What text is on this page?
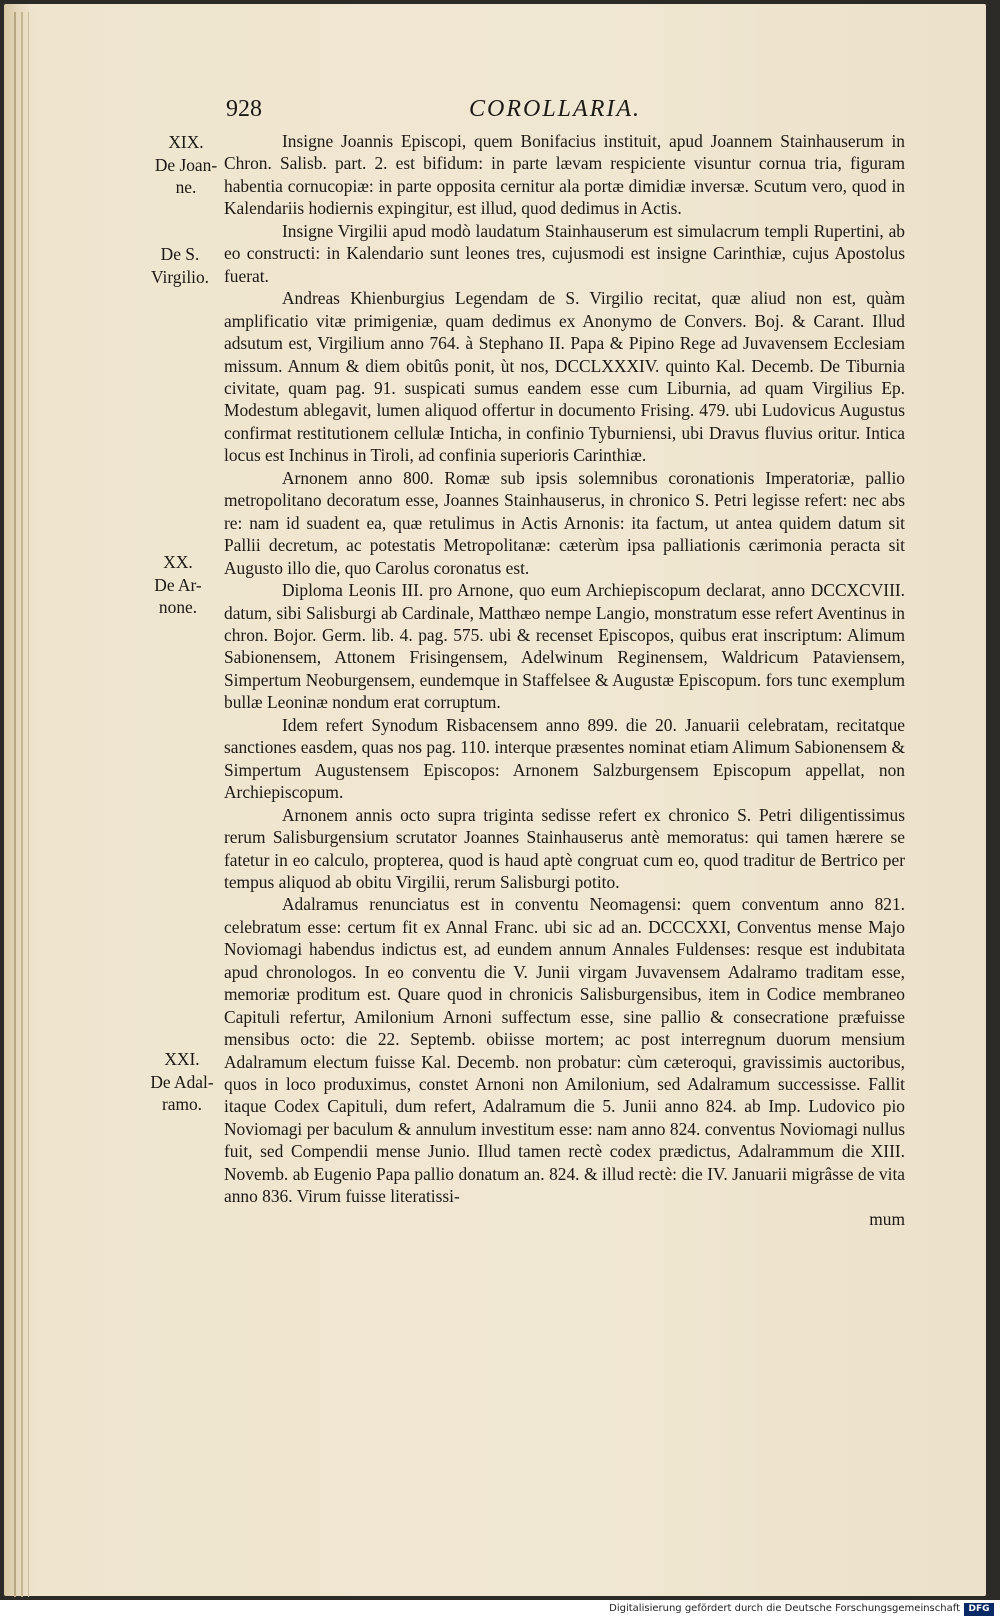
928	COROLLARIA.
XIX.
De Joan-ne.
De S. Virgilio.
XX.
De Ar-none.
XXI.
De Adal-ramo.

Insigne Joannis Episcopi, quem Bonifacius instituit, apud Joannem Stainhauserum in Chron. Salisb. part. 2. est bifidum: in parte lævam respiciente visuntur cornua tria, figuram habentia cornucopiæ: in parte opposita cernitur ala portæ dimidiæ inversæ. Scutum vero, quod in Kalendariis hodiernis expingitur, est illud, quod dedimus in Actis.

Insigne Virgilii apud modò laudatum Stainhauserum est simulacrum templi Rupertini, ab eo constructi: in Kalendario sunt leones tres, cujusmodi est insigne Carinthiæ, cujus Apostolus fuerat.

Andreas Khienburgius Legendam de S. Virgilio recitat, quæ aliud non est, quàm amplificatio vitæ primigeniæ, quam dedimus ex Anonymo de Convers. Boj. & Carant. Illud adsutum est, Virgilium anno 764. à Stephano II. Papa & Pipino Rege ad Juvavensem Ecclesiam missum. Annum & diem obitûs ponit, ùt nos, DCCLXXXIV. quinto Kal. Decemb. De Tiburnia civitate, quam pag. 91. suspicati sumus eandem esse cum Liburnia, ad quam Virgilius Ep. Modestum ablegavit, lumen aliquod offertur in documento Frising. 479. ubi Ludovicus Augustus confirmat restitutionem cellulæ Inticha, in confinio Tyburniensi, ubi Dravus fluvius oritur. Intica locus est Inchinus in Tiroli, ad confinia superioris Carinthiæ.

Arnonem anno 800. Romæ sub ipsis solemnibus coronationis Imperatoriæ, pallio metropolitano decoratum esse, Joannes Stainhauserus, in chronico S. Petri legisse refert: nec abs re: nam id suadent ea, quæ retulimus in Actis Arnonis: ita factum, ut antea quidem datum sit Pallii decretum, ac potestatis Metropolitanæ: cæterùm ipsa palliationis cærimonia peracta sit Augusto illo die, quo Carolus coronatus est.

Diploma Leonis III. pro Arnone, quo eum Archiepiscopum declarat, anno DCCXCVIII. datum, sibi Salisburgi ab Cardinale, Matthæo nempe Langio, monstratum esse refert Aventinus in chron. Bojor. Germ. lib. 4. pag. 575. ubi & recenset Episcopos, quibus erat inscriptum: Alimum Sabionensem, Attonem Frisingensem, Adelwinum Reginensem, Waldricum Pataviensem, Simpertum Neoburgensem, eundemque in Staffelsee & Augustæ Episcopum. fors tunc exemplum bullæ Leoninæ nondum erat corruptum.

Idem refert Synodum Risbacensem anno 899. die 20. Januarii celebratam, recitatque sanctiones easdem, quas nos pag. 110. interque præsentes nominat etiam Alimum Sabionensem & Simpertum Augustensem Episcopos: Arnonem Salzburgensem Episcopum appellat, non Archiepiscopum.

Arnonem annis octo supra triginta sedisse refert ex chronico S. Petri diligentissimus rerum Salisburgensium scrutator Joannes Stainhauserus antè memoratus: qui tamen hærere se fatetur in eo calculo, propterea, quod is haud aptè congruat cum eo, quod traditur de Bertrico per tempus aliquod ab obitu Virgilii, rerum Salisburgi potito.

Adalramus renunciatus est in conventu Neomagensi: quem conventum anno 821. celebratum esse: certum fit ex Annal Franc. ubi sic ad an. DCCCXXI, Conventus mense Majo Noviomagi habendus indictus est, ad eundem annum Annales Fuldenses: resque est indubitata apud chronologos. In eo conventu die V. Junii virgam Juvavensem Adalramo traditam esse, memoriæ proditum est. Quare quod in chronicis Salisburgensibus, item in Codice membraneo Capituli refertur, Amilonium Arnoni suffectum esse, sine pallio & consecratione præfuisse mensibus octo: die 22. Septemb. obiisse mortem; ac post interregnum duorum mensium Adalramum electum fuisse Kal. Decemb. non probatur: cùm cæteroqui, gravissimis auctoribus, quos in loco produximus, constet Arnoni non Amilonium, sed Adalramum successisse. Fallit itaque Codex Capituli, dum refert, Adalramum die 5. Junii anno 824. ab Imp. Ludovico pio Noviomagi per baculum & annulum investitum esse: nam anno 824. conventus Noviomagi nullus fuit, sed Compendii mense Junio. Illud tamen rectè codex prædictus, Adalrammum die XIII. Novemb. ab Eugenio Papa pallio donatum an. 824. & illud rectè: die IV. Januarii migrâsse de vita anno 836. Virum fuisse literatissi-

mum

Digitalisierung gefördert durch die Deutsche Forschungsgemeinschaft DFG
